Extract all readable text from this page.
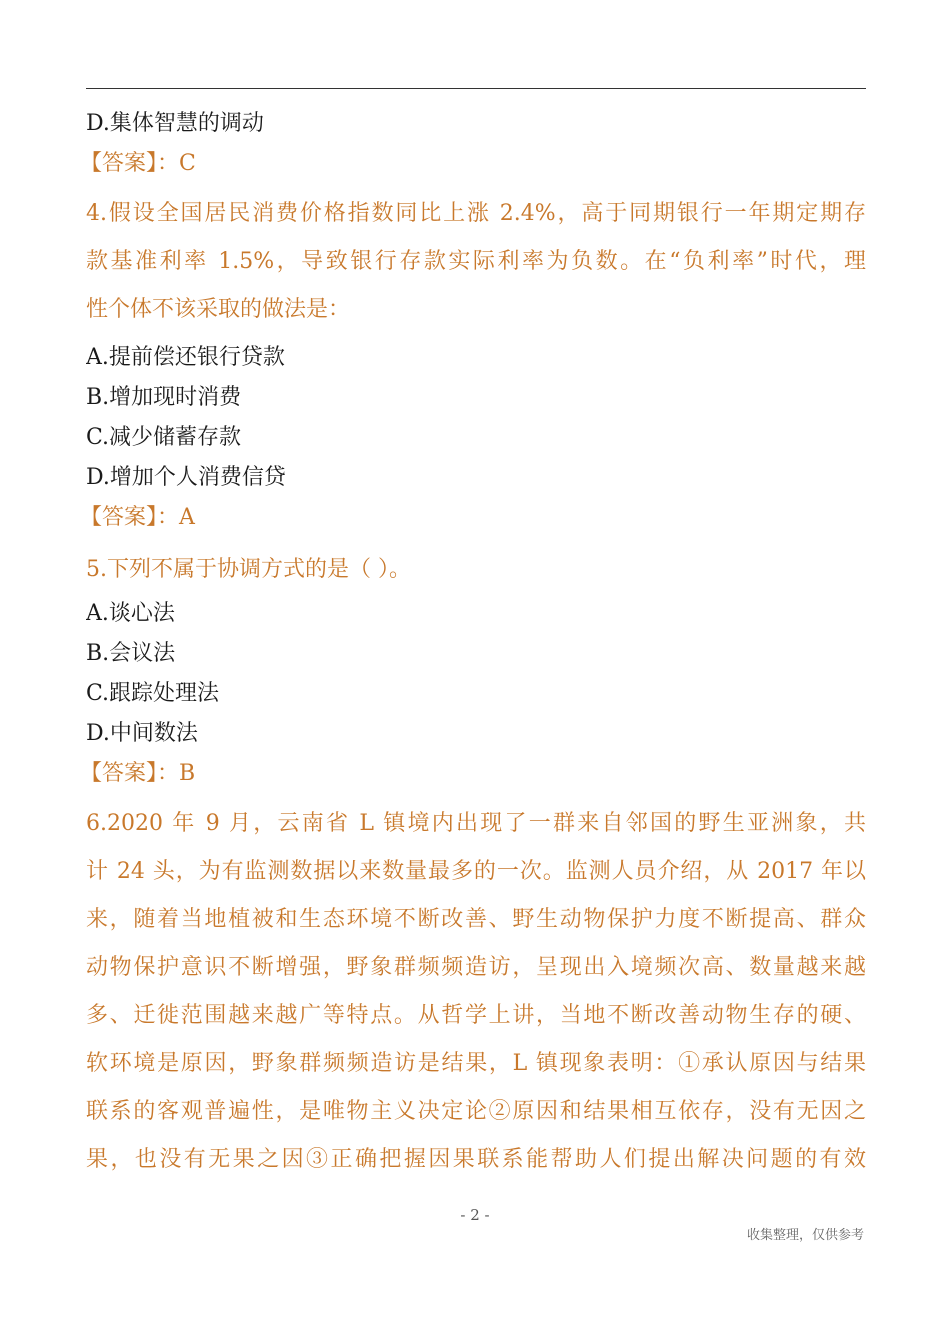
D.集体智慧的调动
【答案】：C
4.假设全国居民消费价格指数同比上涨 2.4%，高于同期银行一年期定期存
款基准利率 1.5%，导致银行存款实际利率为负数。在“负利率”时代，理
性个体不该采取的做法是：
A.提前偿还银行贷款
B.增加现时消费
C.减少储蓄存款
D.增加个人消费信贷
【答案】：A
5.下列不属于协调方式的是（ ）。
A.谈心法
B.会议法
C.跟踪处理法
D.中间数法
【答案】：B
6.2020 年 9 月，云南省 L 镇境内出现了一群来自邻国的野生亚洲象，共
计 24 头，为有监测数据以来数量最多的一次。监测人员介绍，从 2017 年以
来，随着当地植被和生态环境不断改善、野生动物保护力度不断提高、群众
动物保护意识不断增强，野象群频频造访，呈现出入境频次高、数量越来越
多、迁徙范围越来越广等特点。从哲学上讲，当地不断改善动物生存的硬、
软环境是原因，野象群频频造访是结果，L 镇现象表明：①承认原因与结果
联系的客观普遍性，是唯物主义决定论②原因和结果相互依存，没有无因之
果，也没有无果之因③正确把握因果联系能帮助人们提出解决问题的有效
- 2 -
收集整理，仅供参考
